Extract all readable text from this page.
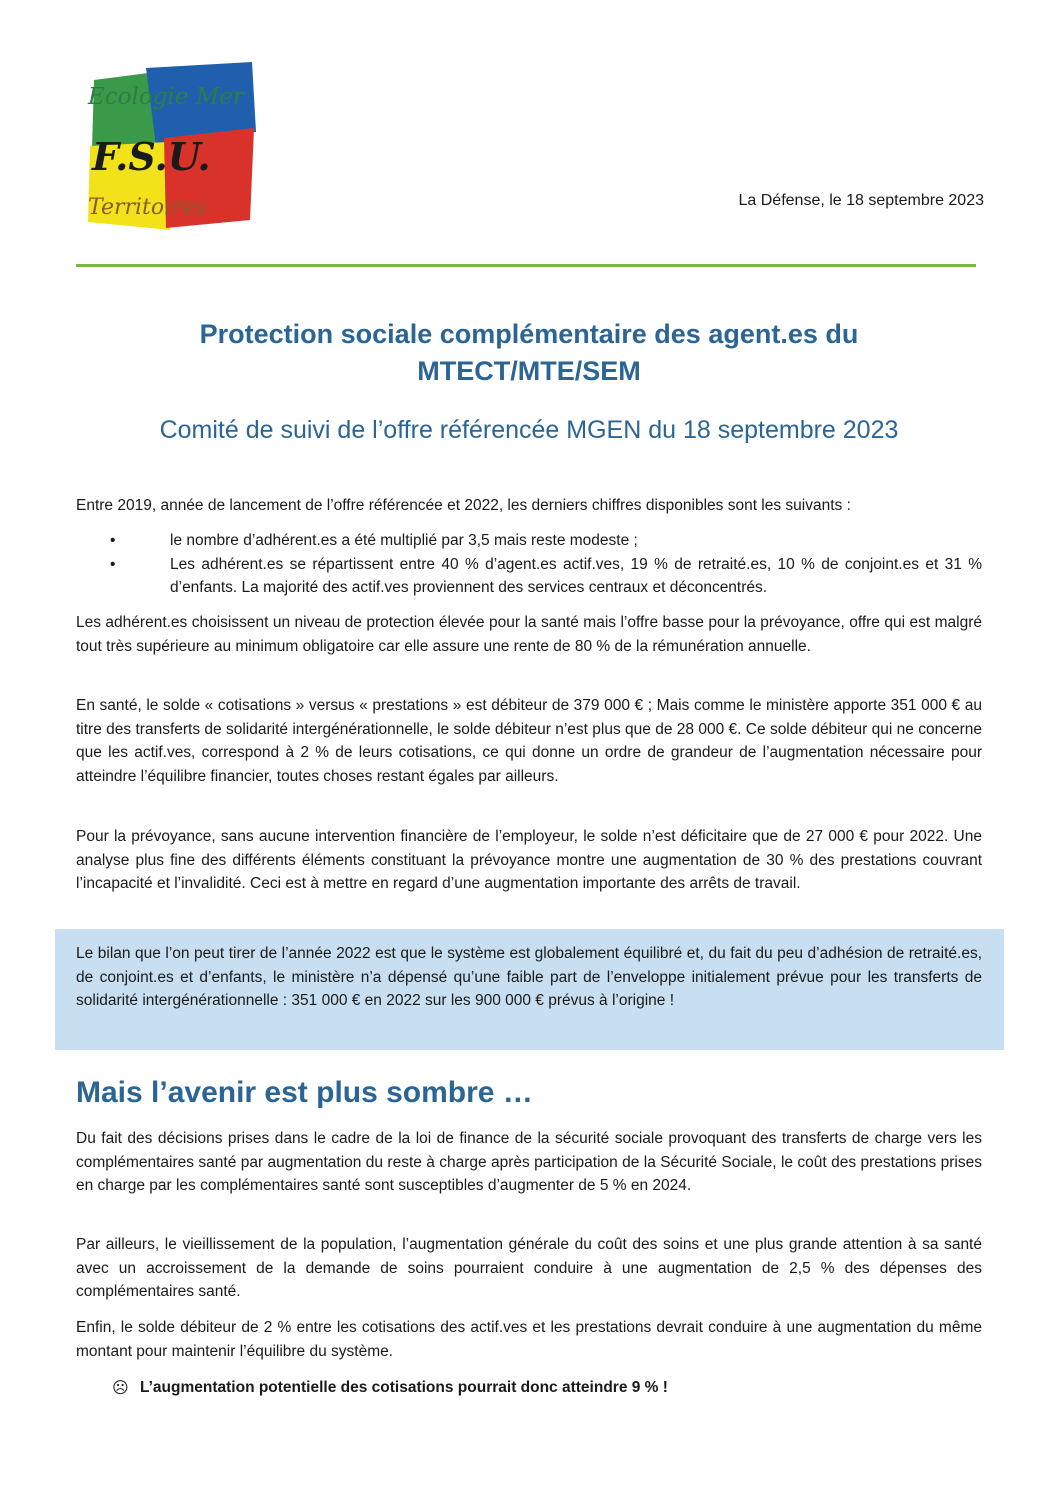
Ecologie Mer
F.S.U.
Territoires	La Défense, le 18 septembre 2023
Protection sociale complémentaire des agent.es du MTECT/MTE/SEM
Comité de suivi de l’offre référencée MGEN du 18 septembre 2023

Entre 2019, année de lancement de l’offre référencée et 2022, les derniers chiffres disponibles sont les suivants :

•	le nombre d’adhérent.es a été multiplié par 3,5 mais reste modeste ;
•	Les adhérent.es se répartissent entre 40 % d’agent.es actif.ves, 19 % de retraité.es, 10 % de conjoint.es et 31 % d’enfants. La majorité des actif.ves proviennent des services centraux et déconcentrés.

Les adhérent.es choisissent un niveau de protection élevée pour la santé mais l’offre basse pour la prévoyance, offre qui est malgré tout très supérieure au minimum obligatoire car elle assure une rente de 80 % de la rémunération annuelle.

En santé, le solde « cotisations » versus « prestations » est débiteur de 379 000 € ; Mais comme le ministère apporte 351 000 € au titre des transferts de solidarité intergénérationnelle, le solde débiteur n’est plus que de 28 000 €. Ce solde débiteur qui ne concerne que les actif.ves, correspond à 2 % de leurs cotisations, ce qui donne un ordre de grandeur de l’augmentation nécessaire pour atteindre l’équilibre financier, toutes choses restant égales par ailleurs.

Pour la prévoyance, sans aucune intervention financière de l’employeur, le solde n’est déficitaire que de 27 000 € pour 2022. Une analyse plus fine des différents éléments constituant la prévoyance montre une augmentation de 30 % des prestations couvrant l’incapacité et l’invalidité. Ceci est à mettre en regard d’une augmentation importante des arrêts de travail.

Le bilan que l’on peut tirer de l’année 2022 est que le système est globalement équilibré et, du fait du peu d’adhésion de retraité.es, de conjoint.es et d’enfants, le ministère n’a dépensé qu’une faible part de l’enveloppe initialement prévue pour les transferts de solidarité intergénérationnelle : 351 000 € en 2022 sur les 900 000 € prévus à l’origine !

Mais l’avenir est plus sombre …

Du fait des décisions prises dans le cadre de la loi de finance de la sécurité sociale provoquant des transferts de charge vers les complémentaires santé par augmentation du reste à charge après participation de la Sécurité Sociale, le coût des prestations prises en charge par les complémentaires santé sont susceptibles d’augmenter de 5 % en 2024.

Par ailleurs, le vieillissement de la population, l’augmentation générale du coût des soins et une plus grande attention à sa santé avec un accroissement de la demande de soins pourraient conduire à une augmentation de 2,5 % des dépenses des complémentaires santé.

Enfin, le solde débiteur de 2 % entre les cotisations des actif.ves et les prestations devrait conduire à une augmentation du même montant pour maintenir l’équilibre du système.

☹ L’augmentation potentielle des cotisations pourrait donc atteindre 9 % !
